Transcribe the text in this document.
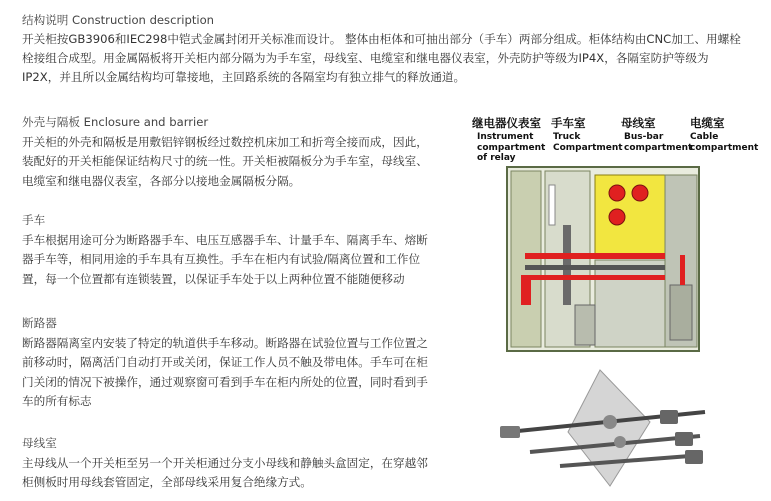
结构说明 Construction description
开关柜按GB3906和IEC298中铠式金属封闭开关标准而设计。 整体由柜体和可抽出部分（手车）两部分组成。柜体结构由CNC加工、用螺栓
栓接组合成型。用金属隔板将开关柜内部分隔为为手车室，母线室、电缆室和继电器仪表室，外壳防护等级为IP4X，各隔室防护等级为
IP2X，并且所以金属结构均可靠接地，主回路系统的各隔室均有独立排气的释放通道。
外壳与隔板 Enclosure and barrier
开关柜的外壳和隔板是用敷铝锌钢板经过数控机床加工和折弯全接而成，因此，
装配好的开关柜能保证结构尺寸的统一性。开关柜被隔板分为手车室，母线室、
电缆室和继电器仪表室，各部分以接地金属隔板分隔。
手车
手车根据用途可分为断路器手车、电压互感器手车、计量手车、隔离手车、熔断
器手车等，相同用途的手车具有互换性。手车在柜内有试验/隔离位置和工作位
置，每一个位置都有连锁装置，以保证手车处于以上两种位置不能随便移动
断路器
断路器隔离室内安装了特定的轨道供手车移动。断路器在试验位置与工作位置之
前移动时，隔离活门自动打开或关闭，保证工作人员不触及带电体。手车可在柜
门关闭的情况下被操作，通过观察窗可看到手车在柜内所处的位置，同时看到手
车的所有标志
母线室
主母线从一个开关柜至另一个开关柜通过分支小母线和静触头盒固定，在穿越邻
柜侧板时用母线套管固定，全部母线采用复合绝缘方式。
继电器仪表室
Instrument
compartment
of relay
手车室
Truck
Compartment
母线室
Bus-bar
compartment
电缆室
Cable
compartment
